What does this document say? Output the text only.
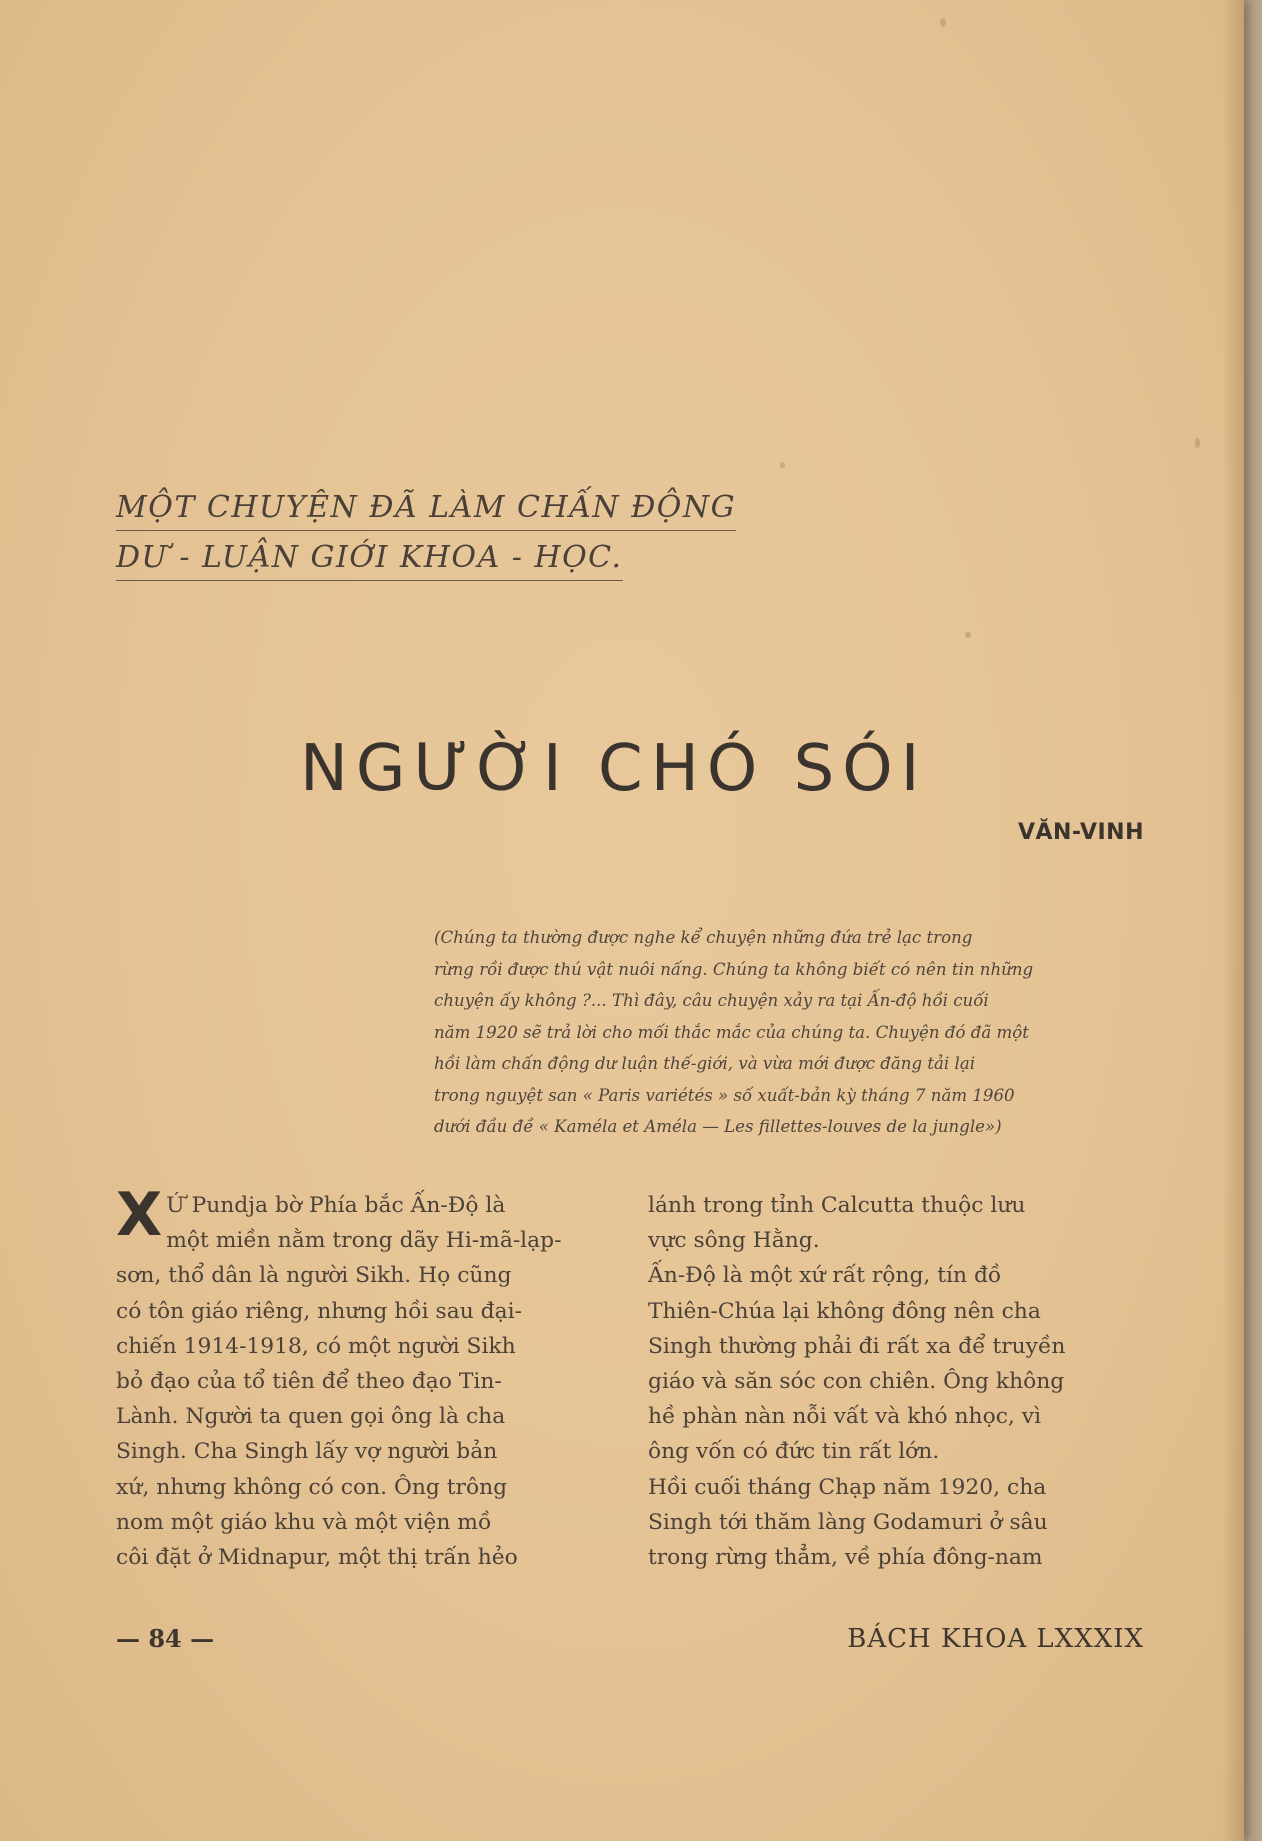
MỘT CHUYỆN ĐÃ LÀM CHẤN ĐỘNG
DƯ - LUẬN GIỚI KHOA - HỌC.
NGƯỜI CHÓ SÓI
VĂN-VINH
(Chúng ta thường được nghe kể chuyện những đứa trẻ lạc trong
rừng rồi được thú vật nuôi nấng. Chúng ta không biết có nên tin những
chuyện ấy không ?... Thì đây, câu chuyện xảy ra tại Ấn-độ hồi cuối
năm 1920 sẽ trả lời cho mối thắc mắc của chúng ta. Chuyện đó đã một
hồi làm chấn động dư luận thế-giới, và vừa mới được đăng tải lại
trong nguyệt san « Paris variétés » số xuất-bản kỳ tháng 7 năm 1960
dưới đầu đề « Kaméla et Améla — Les fillettes-louves de la jungle»)
X Ứ Pundja bờ Phía bắc Ấn-Độ là
một miền nằm trong dãy Hi-mã-lạp-
sơn, thổ dân là người Sikh. Họ cũng
có tôn giáo riêng, nhưng hồi sau đại-
chiến 1914-1918, có một người Sikh
bỏ đạo của tổ tiên để theo đạo Tin-
Lành. Người ta quen gọi ông là cha
Singh. Cha Singh lấy vợ người bản
xứ, nhưng không có con. Ông trông
nom một giáo khu và một viện mồ
côi đặt ở Midnapur, một thị trấn hẻo
lánh trong tỉnh Calcutta thuộc lưu
vực sông Hằng.
Ấn-Độ là một xứ rất rộng, tín đồ
Thiên-Chúa lại không đông nên cha
Singh thường phải đi rất xa để truyền
giáo và săn sóc con chiên. Ông không
hề phàn nàn nỗi vất và khó nhọc, vì
ông vốn có đức tin rất lớn.
Hồi cuối tháng Chạp năm 1920, cha
Singh tới thăm làng Godamuri ở sâu
trong rừng thẳm, về phía đông-nam
— 84 —	BÁCH KHOA LXXXIX
